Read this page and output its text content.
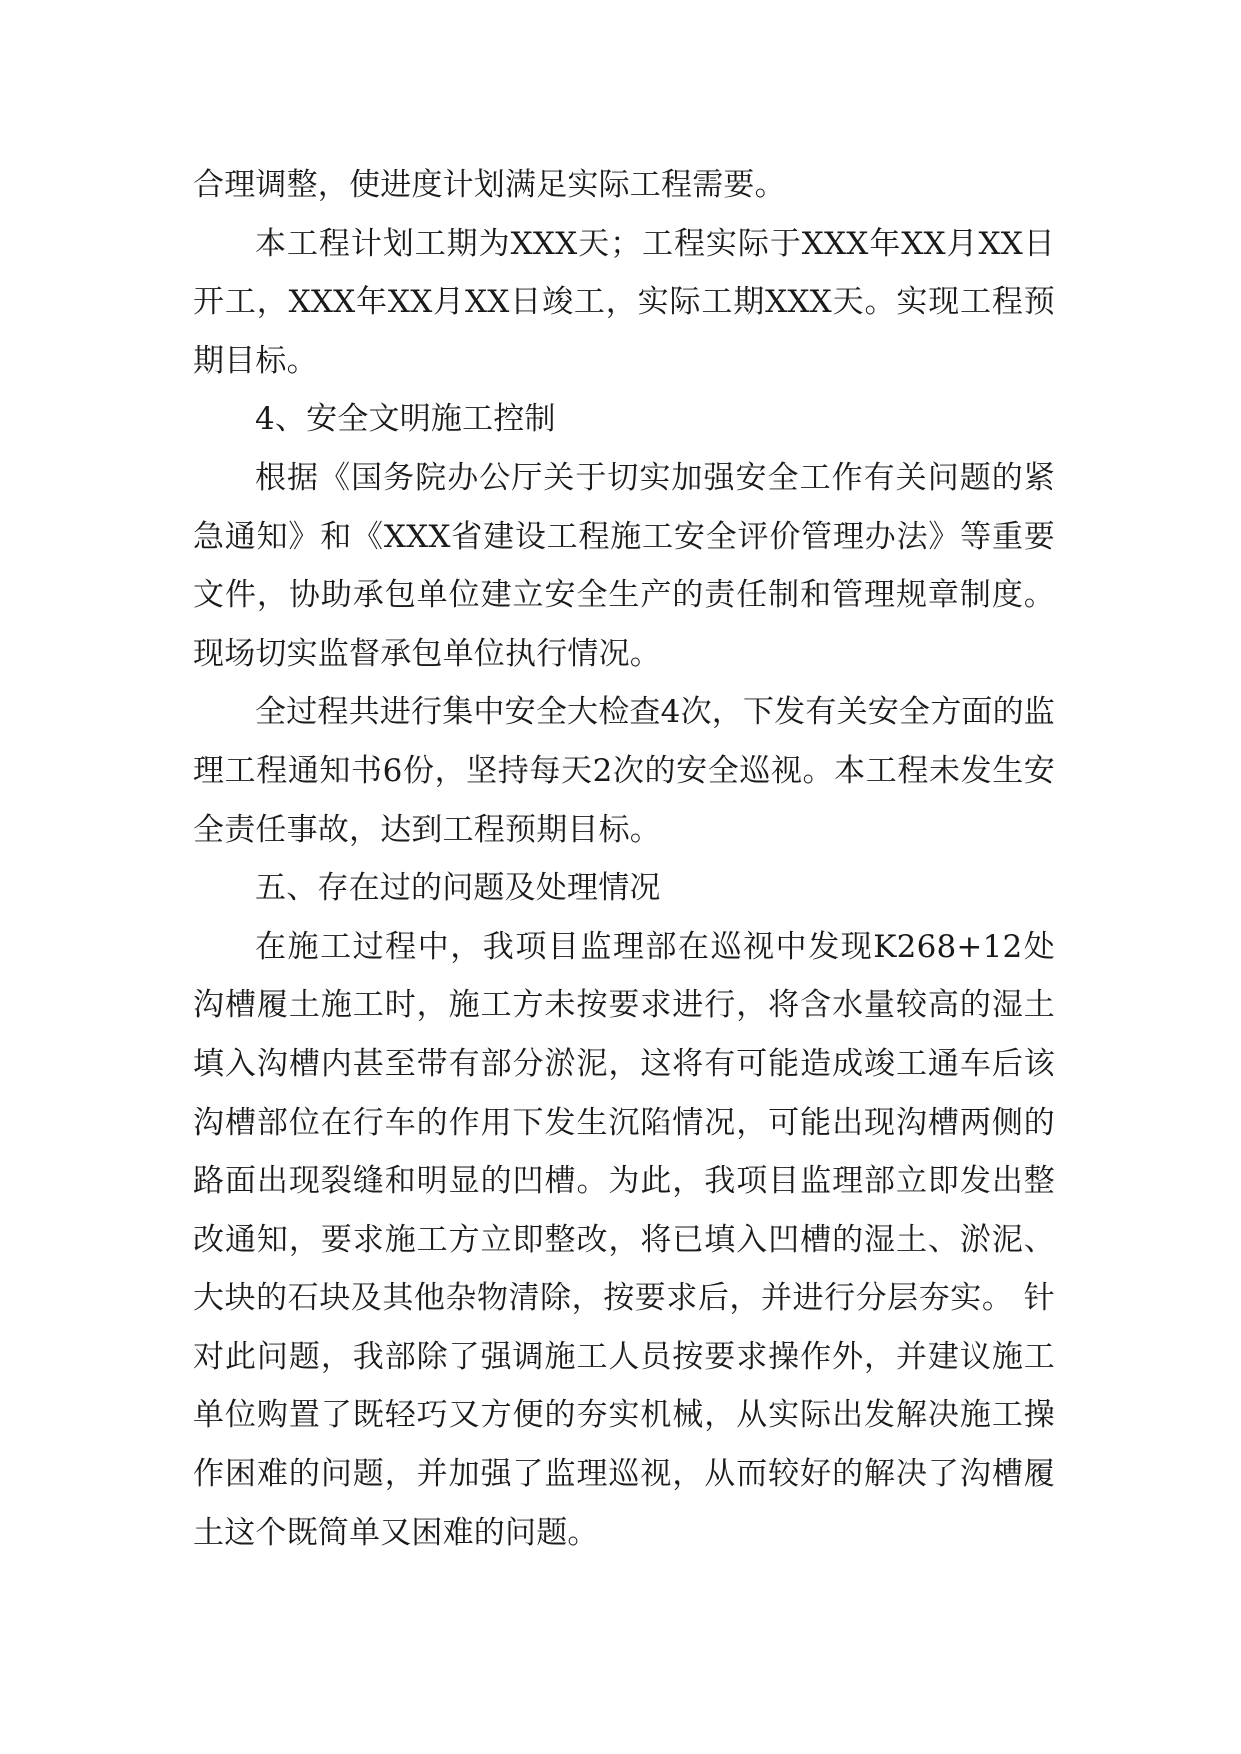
合理调整，使进度计划满足实际工程需要。

本工程计划工期为XXX天；工程实际于XXX年XX月XX日开工，XXX年XX月XX日竣工，实际工期XXX天。实现工程预期目标。

4、安全文明施工控制

根据《国务院办公厅关于切实加强安全工作有关问题的紧急通知》和《XXX省建设工程施工安全评价管理办法》等重要文件，协助承包单位建立安全生产的责任制和管理规章制度。现场切实监督承包单位执行情况。

全过程共进行集中安全大检查4次，下发有关安全方面的监理工程通知书6份，坚持每天2次的安全巡视。本工程未发生安全责任事故，达到工程预期目标。

五、存在过的问题及处理情况

在施工过程中，我项目监理部在巡视中发现K268+12处沟槽履土施工时，施工方未按要求进行，将含水量较高的湿土填入沟槽内甚至带有部分淤泥，这将有可能造成竣工通车后该沟槽部位在行车的作用下发生沉陷情况，可能出现沟槽两侧的路面出现裂缝和明显的凹槽。为此，我项目监理部立即发出整改通知，要求施工方立即整改，将已填入凹槽的湿土、淤泥、大块的石块及其他杂物清除，按要求后，并进行分层夯实。 针对此问题，我部除了强调施工人员按要求操作外，并建议施工单位购置了既轻巧又方便的夯实机械，从实际出发解决施工操作困难的问题，并加强了监理巡视，从而较好的解决了沟槽履土这个既简单又困难的问题。
